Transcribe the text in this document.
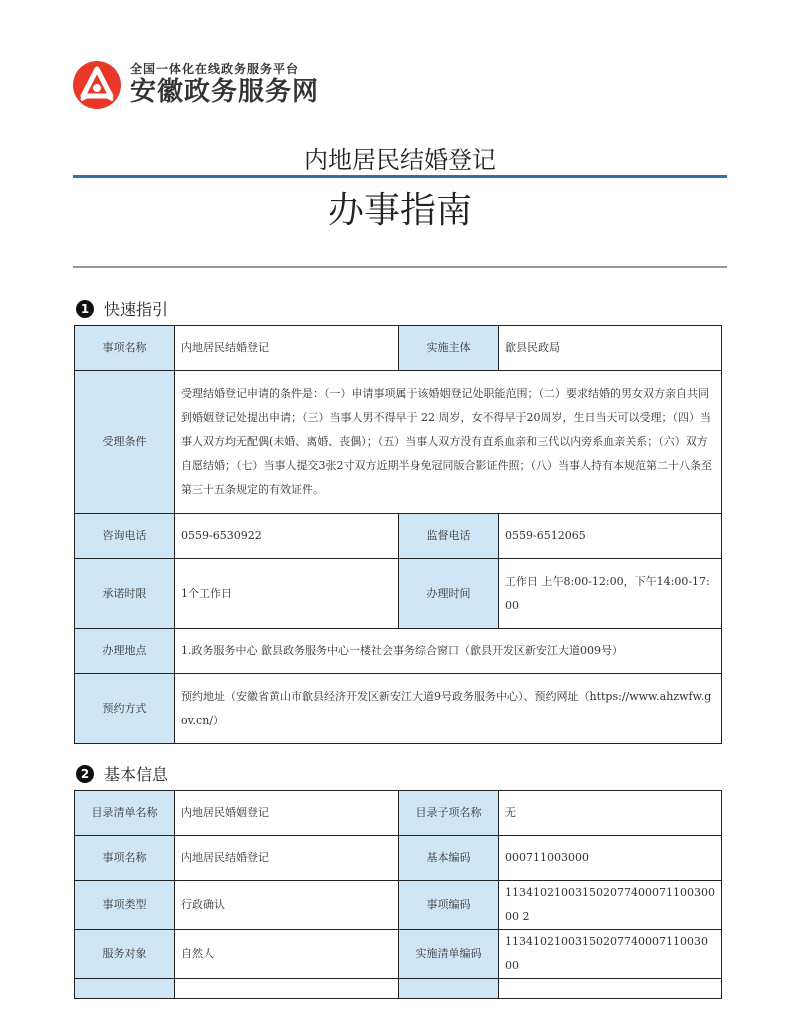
全国一体化在线政务服务平台
安徽政务服务网
内地居民结婚登记
办事指南
1 快速指引
事项名称	内地居民结婚登记	实施主体	歙县民政局
受理条件	受理结婚登记申请的条件是：（一）申请事项属于该婚姻登记处职能范围；（二）要求结婚的男女双方亲自共同到婚姻登记处提出申请；（三）当事人男不得早于 22 周岁，女不得早于20周岁，生日当天可以受理；（四）当事人双方均无配偶(未婚、离婚、丧偶）；（五）当事人双方没有直系血亲和三代以内旁系血亲关系；（六）双方自愿结婚；（七）当事人提交3张2寸双方近期半身免冠同版合影证件照；（八）当事人持有本规范第二十八条至第三十五条规定的有效证件。		
咨询电话	0559-6530922	监督电话	0559-6512065
承诺时限	1个工作日	办理时间	工作日 上午8:00-12:00，下午14:00-17:00
办理地点	1.政务服务中心 歙县政务服务中心一楼社会事务综合窗口（歙县开发区新安江大道009号）		
预约方式	预约地址（安徽省黄山市歙县经济开发区新安江大道9号政务服务中心）、预约网址（https://www.ahzwfw.gov.cn/）		
2 基本信息
目录清单名称	内地居民婚姻登记	目录子项名称	无
事项名称	内地居民结婚登记	基本编码	000711003000
事项类型	行政确认	事项编码	11341021003150207740007110030000 2
服务对象	自然人	实施清单编码	11341021003150207740007110030 00
